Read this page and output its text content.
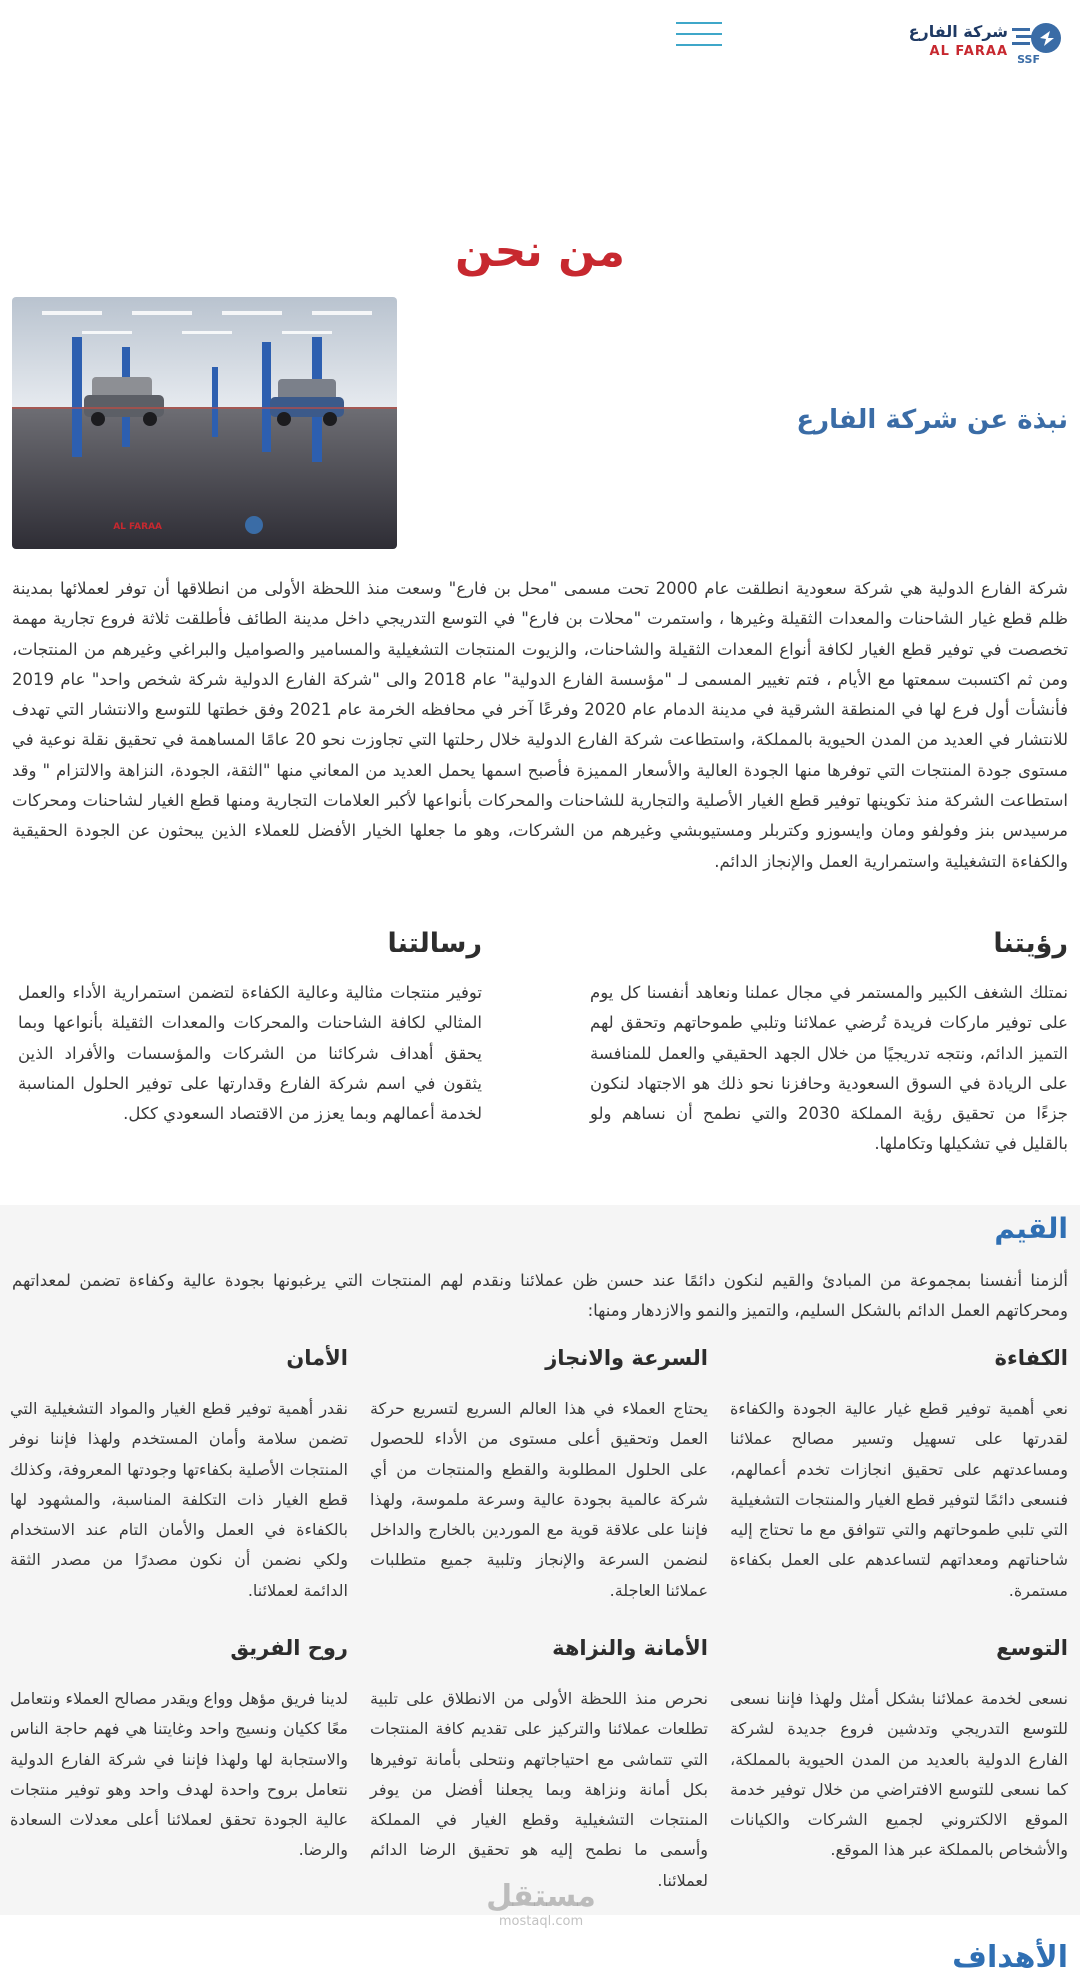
شركة الفارع
AL FARAA
SSF
من نحن
AL FARAA
نبذة عن شركة الفارع

شركة الفارع الدولية هي شركة سعودية انطلقت عام 2000 تحت مسمى "محل بن فارع" وسعت منذ اللحظة الأولى من انطلاقها أن توفر لعملائها بمدينة ظلم قطع غيار الشاحنات والمعدات الثقيلة وغيرها ، واستمرت "محلات بن فارع" في التوسع التدريجي داخل مدينة الطائف فأطلقت ثلاثة فروع تجارية مهمة تخصصت في توفير قطع الغيار لكافة أنواع المعدات الثقيلة والشاحنات، والزيوت المنتجات التشغيلية والمسامير والصواميل والبراغي وغيرهم من المنتجات، ومن ثم اكتسبت سمعتها مع الأيام ، فتم تغيير المسمى لـ "مؤسسة الفارع الدولية" عام 2018 والى "شركة الفارع الدولية شركة شخص واحد" عام 2019 فأنشأت أول فرع لها في المنطقة الشرقية في مدينة الدمام عام 2020 وفرعًا آخر في محافظه الخرمة عام 2021 وفق خطتها للتوسع والانتشار التي تهدف للانتشار في العديد من المدن الحيوية بالمملكة، واستطاعت شركة الفارع الدولية خلال رحلتها التي تجاوزت نحو 20 عامًا المساهمة في تحقيق نقلة نوعية في مستوى جودة المنتجات التي توفرها منها الجودة العالية والأسعار المميزة فأصبح اسمها يحمل العديد من المعاني منها "الثقة، الجودة، النزاهة والالتزام " وقد استطاعت الشركة منذ تكوينها توفير قطع الغيار الأصلية والتجارية للشاحنات والمحركات بأنواعها لأكبر العلامات التجارية ومنها قطع الغيار لشاحنات ومحركات مرسيدس بنز وفولفو ومان وايسوزو وكتربلر ومستيوبشي وغيرهم من الشركات، وهو ما جعلها الخيار الأفضل للعملاء الذين يبحثون عن الجودة الحقيقية والكفاءة التشغيلية واستمرارية العمل والإنجاز الدائم.

رؤيتنا

نمتلك الشغف الكبير والمستمر في مجال عملنا ونعاهد أنفسنا كل يوم على توفير ماركات فريدة تُرضي عملائنا وتلبي طموحاتهم وتحقق لهم التميز الدائم، ونتجه تدريجيًا من خلال الجهد الحقيقي والعمل للمنافسة على الريادة في السوق السعودية وحافزنا نحو ذلك هو الاجتهاد لنكون جزءًا من تحقيق رؤية المملكة 2030 والتي نطمح أن نساهم ولو بالقليل في تشكيلها وتكاملها.

رسالتنا

توفير منتجات مثالية وعالية الكفاءة لتضمن استمرارية الأداء والعمل المثالي لكافة الشاحنات والمحركات والمعدات الثقيلة بأنواعها وبما يحقق أهداف شركائنا من الشركات والمؤسسات والأفراد الذين يثقون في اسم شركة الفارع وقدارتها على توفير الحلول المناسبة لخدمة أعمالهم وبما يعزز من الاقتصاد السعودي ككل.

القيم

ألزمنا أنفسنا بمجموعة من المبادئ والقيم لنكون دائمًا عند حسن ظن عملائنا ونقدم لهم المنتجات التي يرغبونها بجودة عالية وكفاءة تضمن لمعداتهم ومحركاتهم العمل الدائم بالشكل السليم، والتميز والنمو والازدهار ومنها:

الكفاءة

نعي أهمية توفير قطع غيار عالية الجودة والكفاءة لقدرتها على تسهيل وتسير مصالح عملائنا ومساعدتهم على تحقيق انجازات تخدم أعمالهم، فنسعى دائمًا لتوفير قطع الغيار والمنتجات التشغيلية التي تلبي طموحاتهم والتي تتوافق مع ما تحتاج إليه شاحناتهم ومعداتهم لتساعدهم على العمل بكفاءة مستمرة.

السرعة والانجاز

يحتاج العملاء في هذا العالم السريع لتسريع حركة العمل وتحقيق أعلى مستوى من الأداء للحصول على الحلول المطلوبة والقطع والمنتجات من أي شركة عالمية بجودة عالية وسرعة ملموسة، ولهذا فإننا على علاقة قوية مع الموردين بالخارج والداخل لنضمن السرعة والإنجاز وتلبية جميع متطلبات عملائنا العاجلة.

الأمان

نقدر أهمية توفير قطع الغيار والمواد التشغيلية التي تضمن سلامة وأمان المستخدم ولهذا فإننا نوفر المنتجات الأصلية بكفاءتها وجودتها المعروفة، وكذلك قطع الغيار ذات التكلفة المناسبة، والمشهود لها بالكفاءة في العمل والأمان التام عند الاستخدام ولكي نضمن أن نكون مصدرًا من مصدر الثقة الدائمة لعملائنا.

التوسع

نسعى لخدمة عملائنا بشكل أمثل ولهذا فإننا نسعى للتوسع التدريجي وتدشين فروع جديدة لشركة الفارع الدولية بالعديد من المدن الحيوية بالمملكة، كما نسعى للتوسع الافتراضي من خلال توفير خدمة الموقع الالكتروني لجميع الشركات والكيانات والأشخاص بالمملكة عبر هذا الموقع.

الأمانة والنزاهة

نحرص منذ اللحظة الأولى من الانطلاق على تلبية تطلعات عملائنا والتركيز على تقديم كافة المنتجات التي تتماشى مع احتياجاتهم ونتحلى بأمانة توفيرها بكل أمانة ونزاهة وبما يجعلنا أفضل من يوفر المنتجات التشغيلية وقطع الغيار في المملكة وأسمى ما نطمح إليه هو تحقيق الرضا الدائم لعملائنا.

روح الفريق

لدينا فريق مؤهل وواع ويقدر مصالح العملاء ونتعامل معًا ككيان ونسيج واحد وغايتنا هي فهم حاجة الناس والاستجابة لها ولهذا فإننا في شركة الفارع الدولية نتعامل بروح واحدة لهدف واحد وهو توفير منتجات عالية الجودة تحقق لعملائنا أعلى معدلات السعادة والرضا.

مستقل
mostaql.com
الأهداف
